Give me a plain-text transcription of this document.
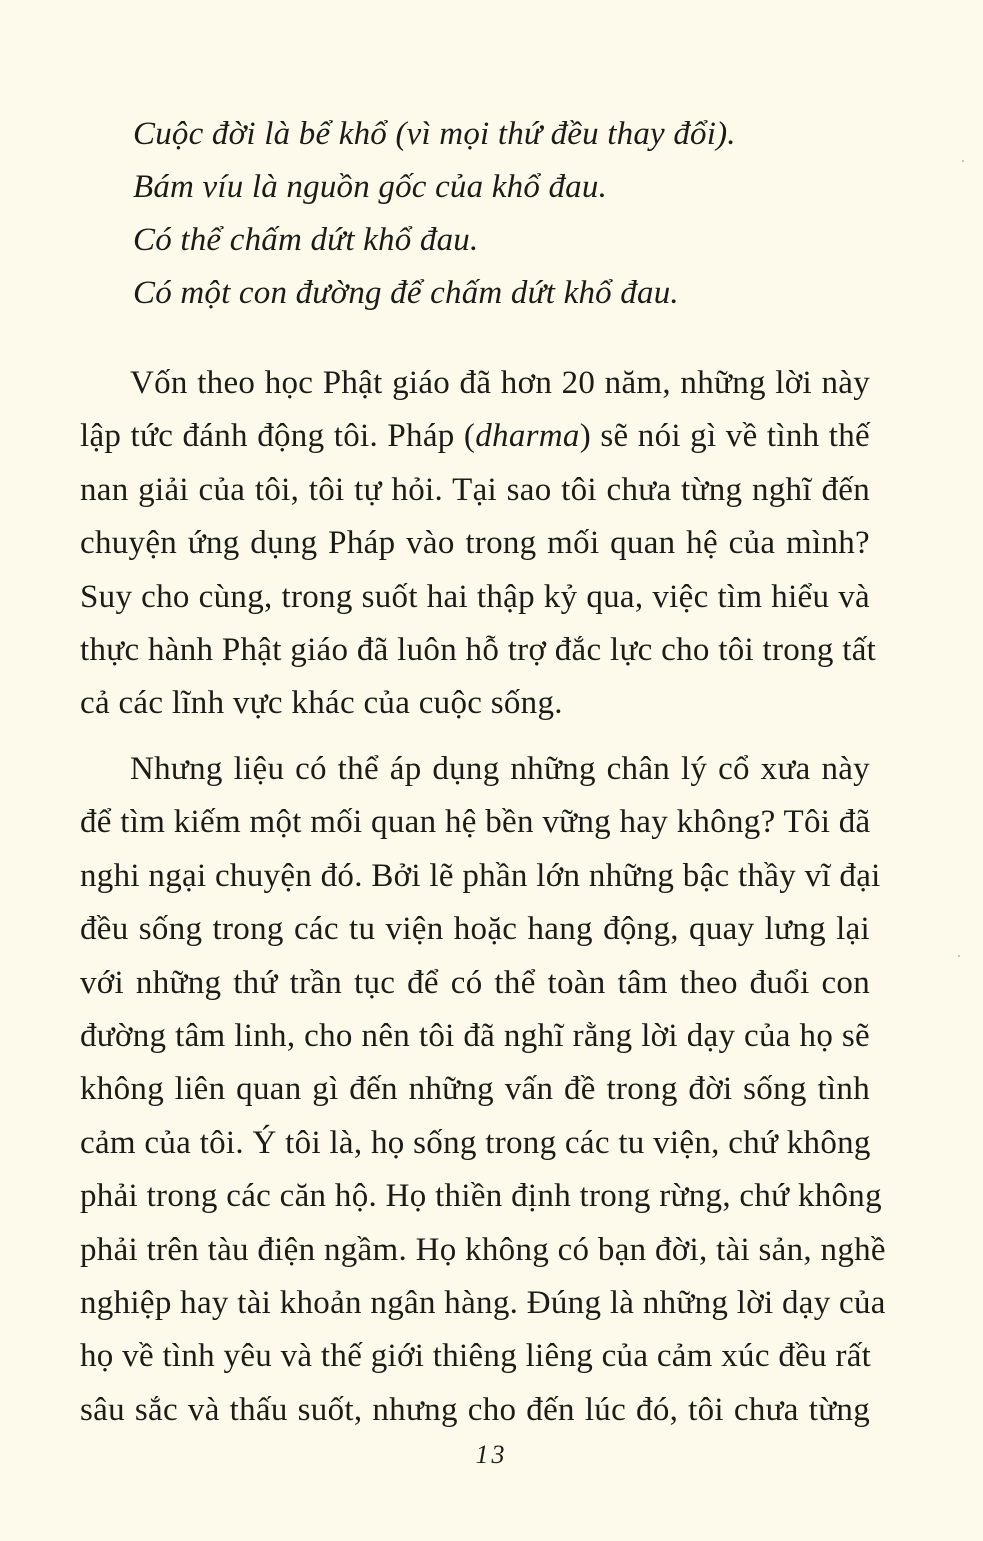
Cuộc đời là bể khổ (vì mọi thứ đều thay đổi).
Bám víu là nguồn gốc của khổ đau.
Có thể chấm dứt khổ đau.
Có một con đường để chấm dứt khổ đau.
Vốn theo học Phật giáo đã hơn 20 năm, những lời này
lập tức đánh động tôi. Pháp (dharma) sẽ nói gì về tình thế
nan giải của tôi, tôi tự hỏi. Tại sao tôi chưa từng nghĩ đến
chuyện ứng dụng Pháp vào trong mối quan hệ của mình?
Suy cho cùng, trong suốt hai thập kỷ qua, việc tìm hiểu và
thực hành Phật giáo đã luôn hỗ trợ đắc lực cho tôi trong tất
cả các lĩnh vực khác của cuộc sống.
Nhưng liệu có thể áp dụng những chân lý cổ xưa này
để tìm kiếm một mối quan hệ bền vững hay không? Tôi đã
nghi ngại chuyện đó. Bởi lẽ phần lớn những bậc thầy vĩ đại
đều sống trong các tu viện hoặc hang động, quay lưng lại
với những thứ trần tục để có thể toàn tâm theo đuổi con
đường tâm linh, cho nên tôi đã nghĩ rằng lời dạy của họ sẽ
không liên quan gì đến những vấn đề trong đời sống tình
cảm của tôi. Ý tôi là, họ sống trong các tu viện, chứ không
phải trong các căn hộ. Họ thiền định trong rừng, chứ không
phải trên tàu điện ngầm. Họ không có bạn đời, tài sản, nghề
nghiệp hay tài khoản ngân hàng. Đúng là những lời dạy của
họ về tình yêu và thế giới thiêng liêng của cảm xúc đều rất
sâu sắc và thấu suốt, nhưng cho đến lúc đó, tôi chưa từng
13
